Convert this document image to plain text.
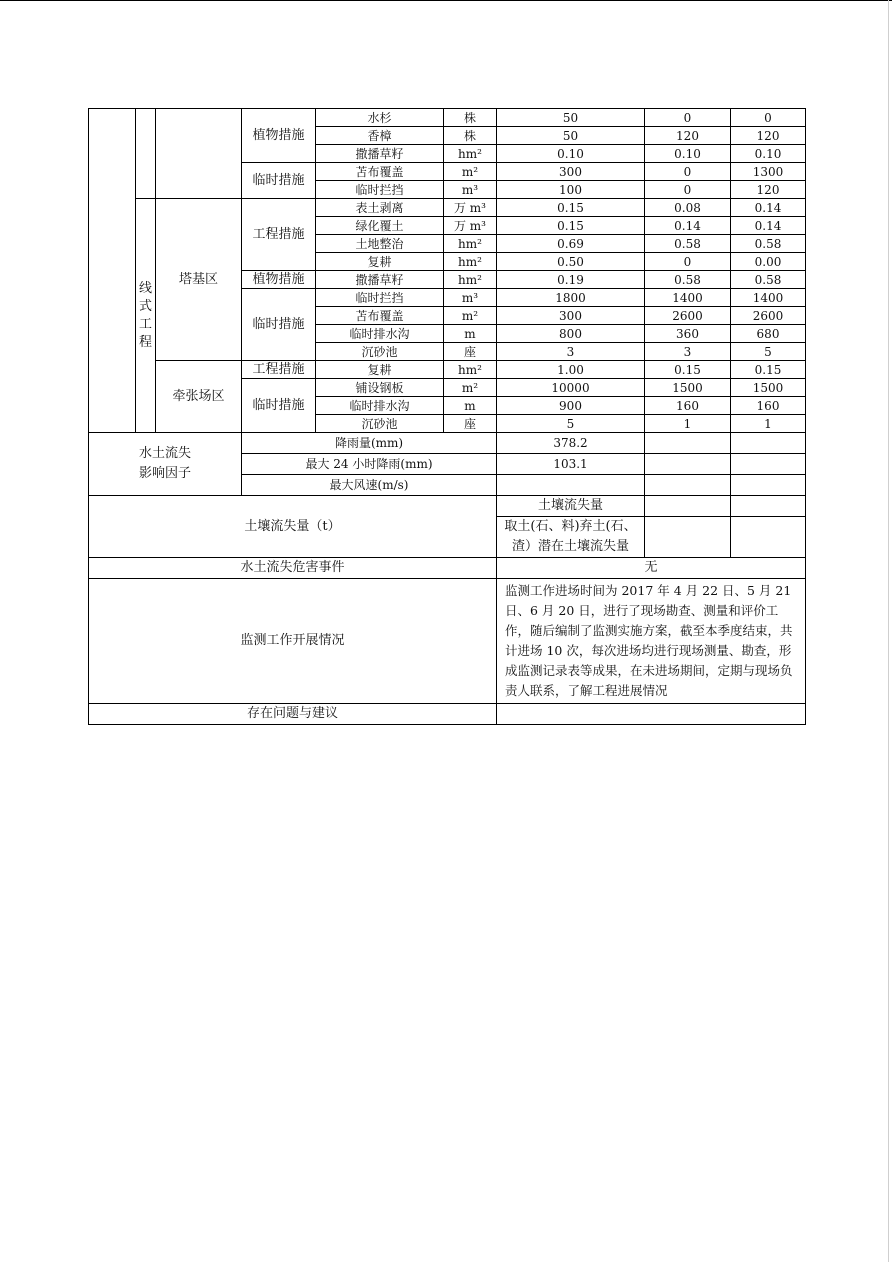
			植物措施	水杉	株	50	0	0
				香樟	株	50	120	120
				撒播草籽	hm²	0.10	0.10	0.10
			临时措施	苫布覆盖	m²	300	0	1300
				临时拦挡	m³	100	0	120

	线
式
工
程	塔基区	工程措施	表土剥离	万 m³	0.15	0.08	0.14
				绿化覆土	万 m³	0.15	0.14	0.14
				土地整治	hm²	0.69	0.58	0.58
				复耕	hm²	0.50	0	0.00
			植物措施	撒播草籽	hm²	0.19	0.58	0.58
			临时措施	临时拦挡	m³	1800	1400	1400
				苫布覆盖	m²	300	2600	2600
				临时排水沟	m	800	360	680
				沉砂池	座	3	3	5
		牵张场区	工程措施	复耕	hm²	1.00	0.15	0.15
			临时措施	铺设钢板	m²	10000	1500	1500
				临时排水沟	m	900	160	160
				沉砂池	座	5	1	1
水土流失
影响因子			降雨量(mm)			378.2		
			最大 24 小时降雨(mm)			103.1		
			最大风速(m/s)					
土壤流失量（t）						土壤流失量		
						取土(石、料)弃土(石、渣）潜在土壤流失量		
水土流失危害事件						无		
监测工作开展情况						监测工作进场时间为 2017 年 4 月 22 日、5 月 21 日、6 月 20 日，进行了现场勘查、测量和评价工作，随后编制了监测实施方案，截至本季度结束，共计进场 10 次，每次进场均进行现场测量、勘查，形成监测记录表等成果，在未进场期间，定期与现场负责人联系，了解工程进展情况		
存在问题与建议								
